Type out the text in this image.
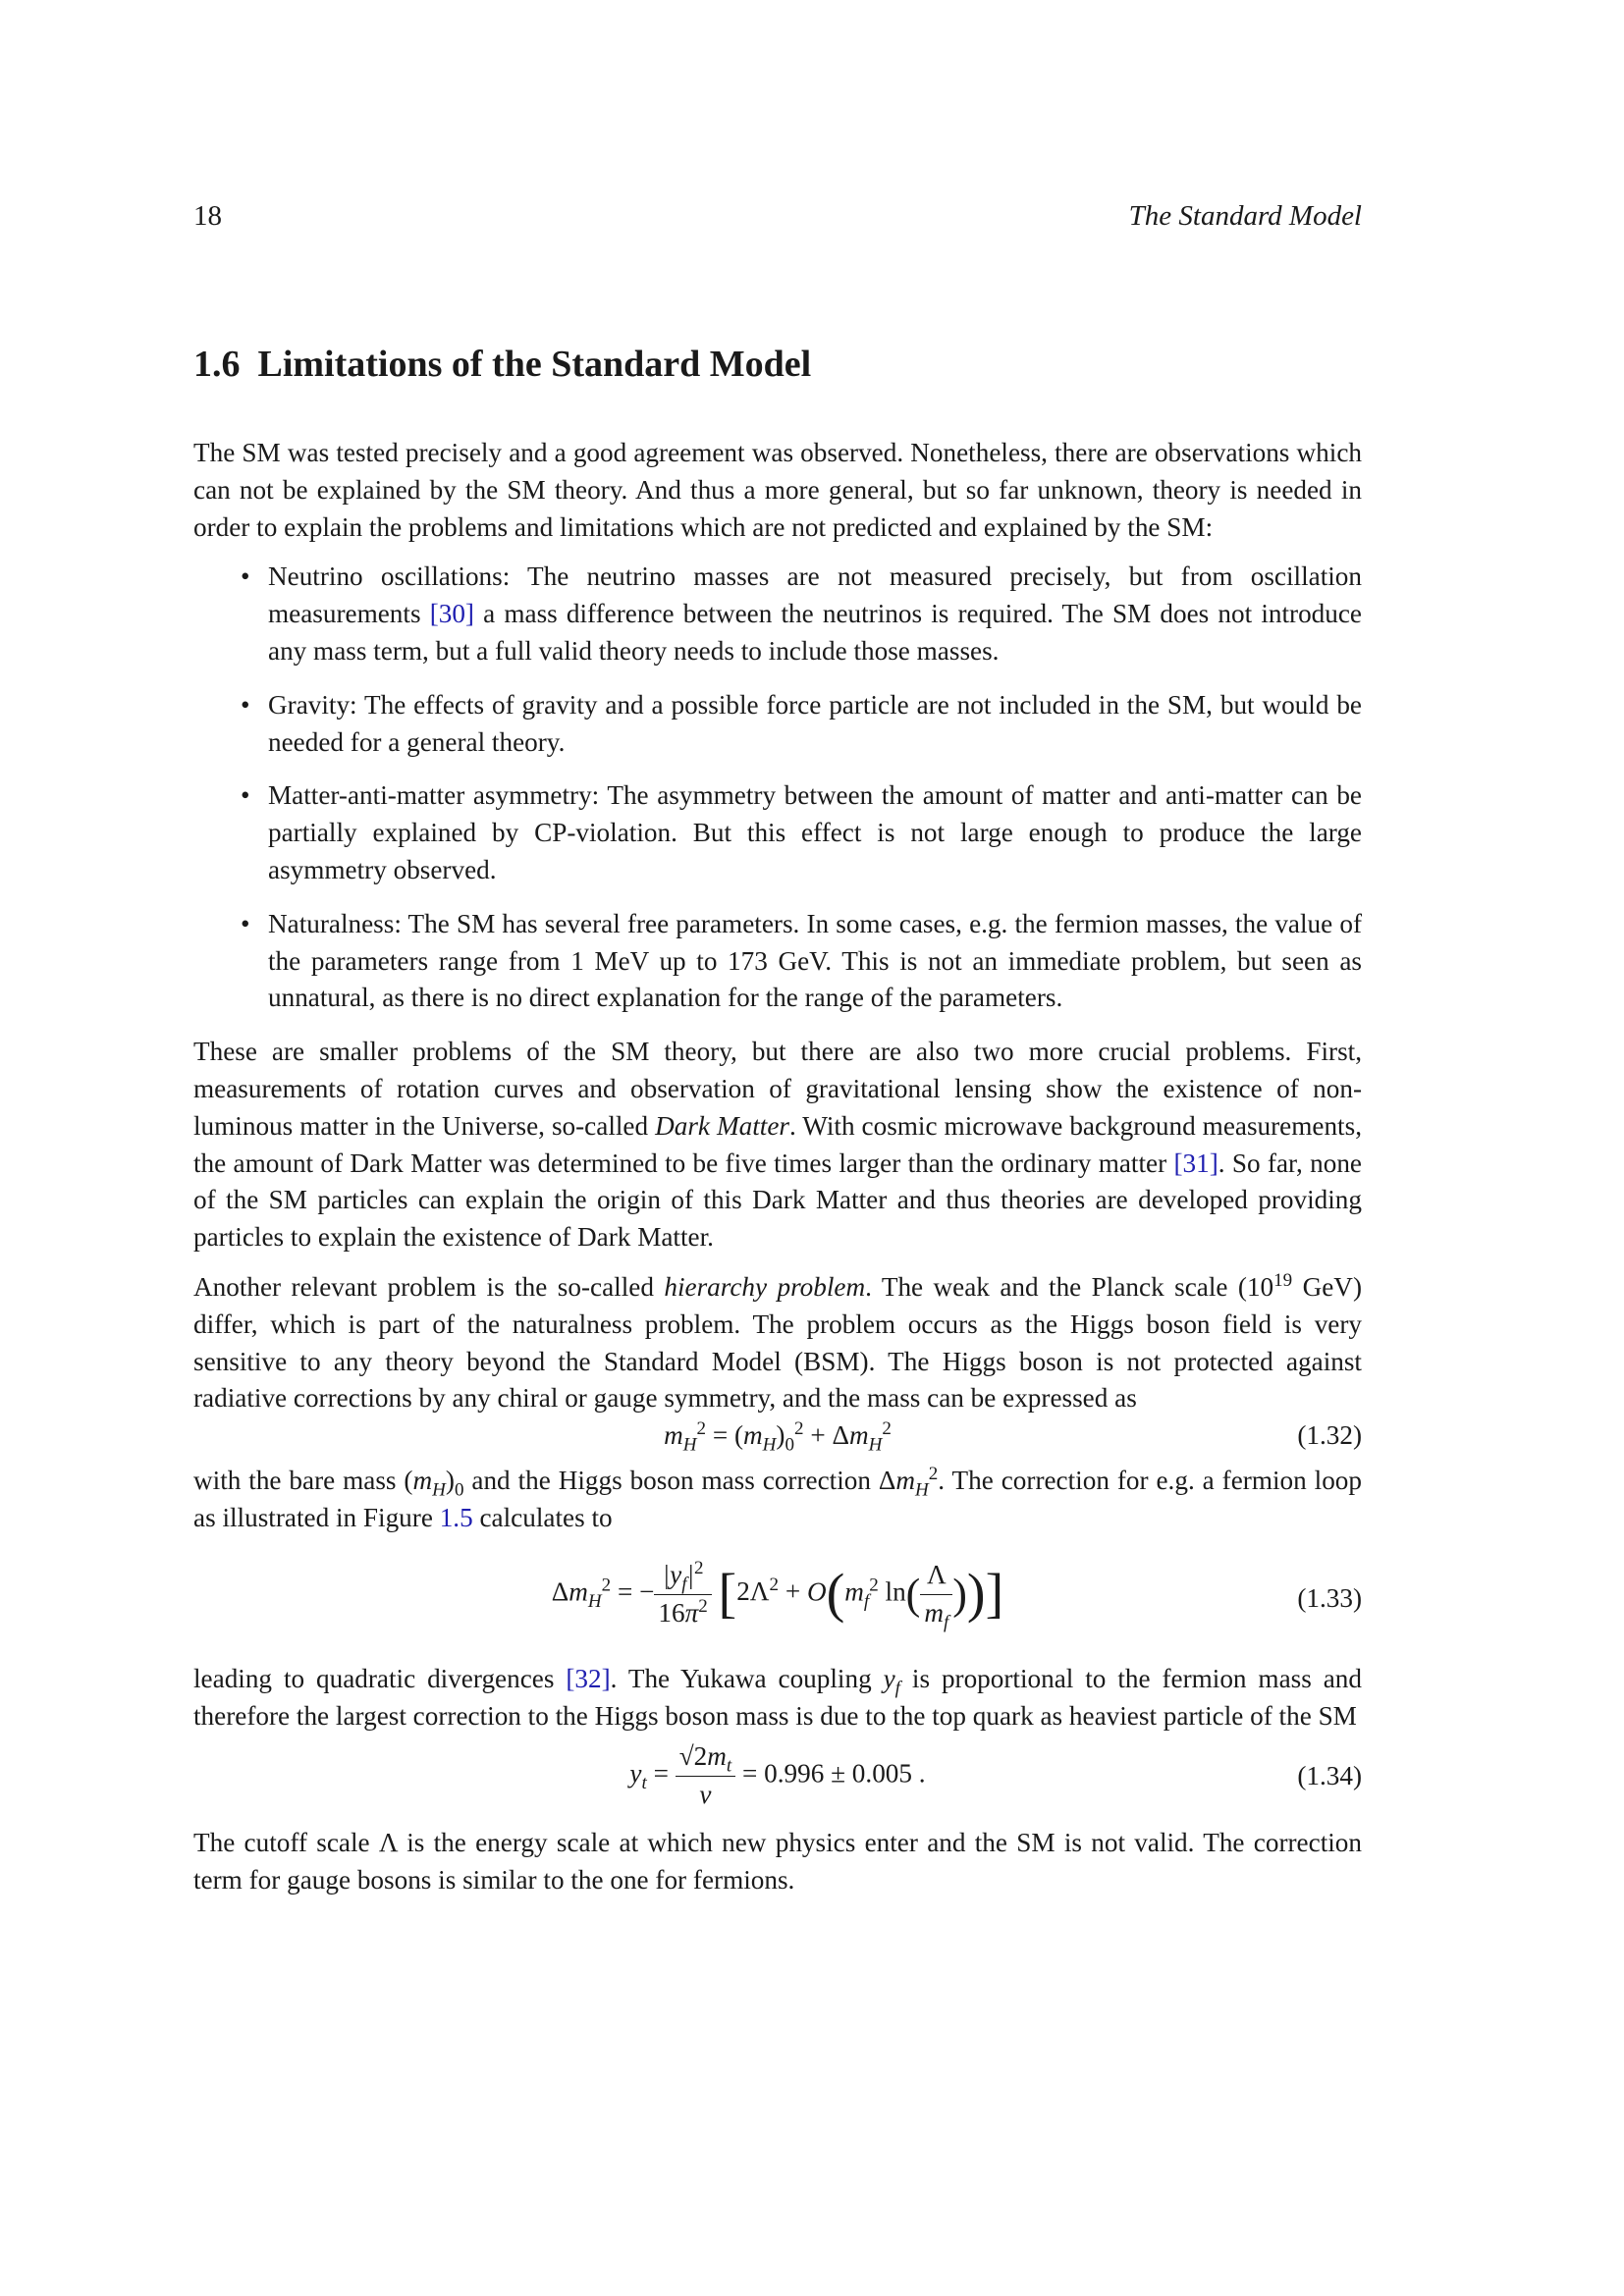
18	The Standard Model
1.6 Limitations of the Standard Model

The SM was tested precisely and a good agreement was observed. Nonetheless, there are observations which can not be explained by the SM theory. And thus a more general, but so far unknown, theory is needed in order to explain the problems and limitations which are not predicted and explained by the SM:

• Neutrino oscillations: The neutrino masses are not measured precisely, but from oscillation measurements [30] a mass difference between the neutrinos is required. The SM does not introduce any mass term, but a full valid theory needs to include those masses.
• Gravity: The effects of gravity and a possible force particle are not included in the SM, but would be needed for a general theory.
• Matter-anti-matter asymmetry: The asymmetry between the amount of matter and anti-matter can be partially explained by CP-violation. But this effect is not large enough to produce the large asymmetry observed.
• Naturalness: The SM has several free parameters. In some cases, e.g. the fermion masses, the value of the parameters range from 1 MeV up to 173 GeV. This is not an immediate problem, but seen as unnatural, as there is no direct explanation for the range of the parameters.

These are smaller problems of the SM theory, but there are also two more crucial problems. First, measurements of rotation curves and observation of gravitational lensing show the existence of non-luminous matter in the Universe, so-called Dark Matter. With cosmic microwave background measurements, the amount of Dark Matter was determined to be five times larger than the ordinary matter [31]. So far, none of the SM particles can explain the origin of this Dark Matter and thus theories are developed providing particles to explain the existence of Dark Matter.

Another relevant problem is the so-called hierarchy problem. The weak and the Planck scale ($10^{19}$ GeV) differ, which is part of the naturalness problem. The problem occurs as the Higgs boson field is very sensitive to any theory beyond the Standard Model (BSM). The Higgs boson is not protected against radiative corrections by any chiral or gauge symmetry, and the mass can be expressed as

$m_H^2 = (m_H)_0^2 + \Delta m_H^2$	(1.32)

with the bare mass $(m_H)_0$ and the Higgs boson mass correction $\Delta m_H^2$. The correction for e.g. a fermion loop as illustrated in Figure 1.5 calculates to

$\Delta m_H^2$ = − $\frac{|y_f|^2}{16\pi^2} [2\Lambda^2 + O(m_f^2$ $\ln( \frac{\Lambda}{m_f}$ ))]	(1.33)

leading to quadratic divergences [32]. The Yukawa coupling $y_f$ is proportional to the fermion mass and therefore the largest correction to the Higgs boson mass is due to the top quark as heaviest particle of the SM

$y_t = \frac{√2m_t}{v} = 0.996 \pm 0.005$ .	(1.34)

The cutoff scale Λ is the energy scale at which new physics enter and the SM is not valid. The correction term for gauge bosons is similar to the one for fermions.
